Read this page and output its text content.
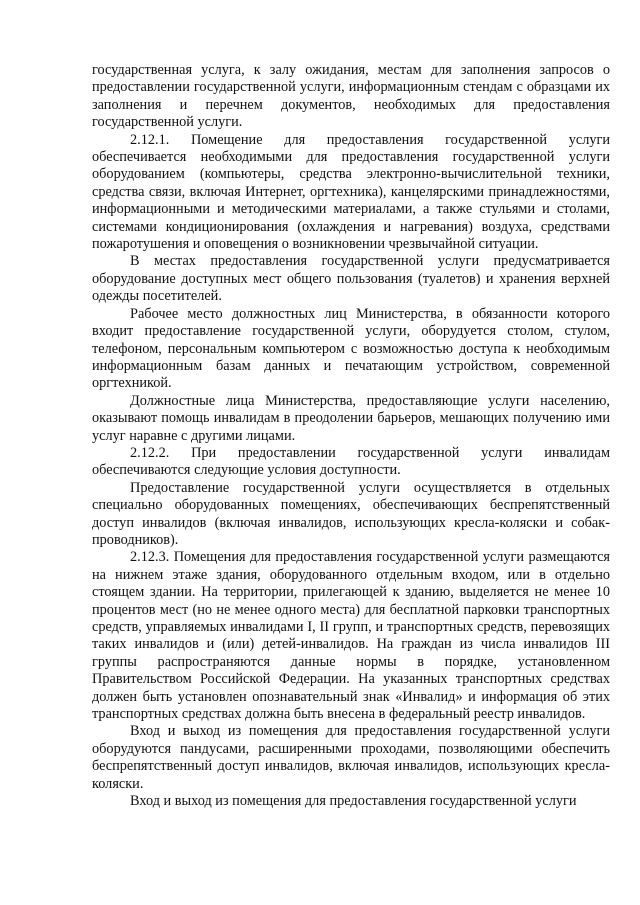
государственная услуга, к залу ожидания, местам для заполнения запросов о предоставлении государственной услуги, информационным стендам с образцами их заполнения и перечнем документов, необходимых для предоставления государственной услуги.

2.12.1. Помещение для предоставления государственной услуги обеспечивается необходимыми для предоставления государственной услуги оборудованием (компьютеры, средства электронно-вычислительной техники, средства связи, включая Интернет, оргтехника), канцелярскими принадлежностями, информационными и методическими материалами, а также стульями и столами, системами кондиционирования (охлаждения и нагревания) воздуха, средствами пожаротушения и оповещения о возникновении чрезвычайной ситуации.

В местах предоставления государственной услуги предусматривается оборудование доступных мест общего пользования (туалетов) и хранения верхней одежды посетителей.

Рабочее место должностных лиц Министерства, в обязанности которого входит предоставление государственной услуги, оборудуется столом, стулом, телефоном, персональным компьютером с возможностью доступа к необходимым информационным базам данных и печатающим устройством, современной оргтехникой.

Должностные лица Министерства, предоставляющие услуги населению, оказывают помощь инвалидам в преодолении барьеров, мешающих получению ими услуг наравне с другими лицами.

2.12.2. При предоставлении государственной услуги инвалидам обеспечиваются следующие условия доступности.

Предоставление государственной услуги осуществляется в отдельных специально оборудованных помещениях, обеспечивающих беспрепятственный доступ инвалидов (включая инвалидов, использующих кресла-коляски и собак-проводников).

2.12.3. Помещения для предоставления государственной услуги размещаются на нижнем этаже здания, оборудованного отдельным входом, или в отдельно стоящем здании. На территории, прилегающей к зданию, выделяется не менее 10 процентов мест (но не менее одного места) для бесплатной парковки транспортных средств, управляемых инвалидами I, II групп, и транспортных средств, перевозящих таких инвалидов и (или) детей-инвалидов. На граждан из числа инвалидов III группы распространяются данные нормы в порядке, установленном Правительством Российской Федерации. На указанных транспортных средствах должен быть установлен опознавательный знак «Инвалид» и информация об этих транспортных средствах должна быть внесена в федеральный реестр инвалидов.

Вход и выход из помещения для предоставления государственной услуги оборудуются пандусами, расширенными проходами, позволяющими обеспечить беспрепятственный доступ инвалидов, включая инвалидов, использующих кресла-коляски.

Вход и выход из помещения для предоставления государственной услуги
